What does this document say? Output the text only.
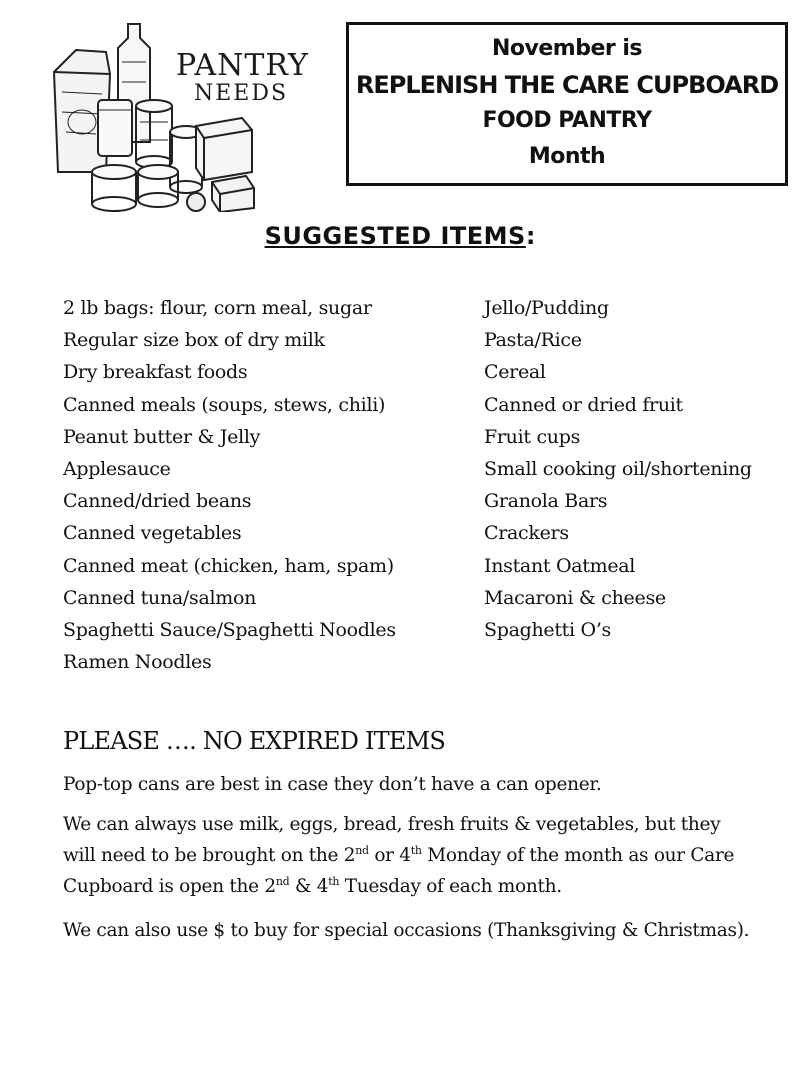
PANTRY
NEEDS
November is
REPLENISH THE CARE CUPBOARD
FOOD PANTRY
Month
SUGGESTED ITEMS:
2 lb bags: flour, corn meal, sugar
Regular size box of dry milk
Dry breakfast foods
Canned meals (soups, stews, chili)
Peanut butter & Jelly
Applesauce
Canned/dried beans
Canned vegetables
Canned meat (chicken, ham, spam)
Canned tuna/salmon
Spaghetti Sauce/Spaghetti Noodles
Ramen Noodles
Jello/Pudding
Pasta/Rice
Cereal
Canned or dried fruit
Fruit cups
Small cooking oil/shortening
Granola Bars
Crackers
Instant Oatmeal
Macaroni & cheese
Spaghetti O’s
PLEASE …. NO EXPIRED ITEMS

Pop-top cans are best in case they don’t have a can opener.

We can always use milk, eggs, bread, fresh fruits & vegetables, but they will need to be brought on the 2nd or 4th Monday of the month as our Care Cupboard is open the 2nd & 4th Tuesday of each month.

We can also use $ to buy for special occasions (Thanksgiving & Christmas).
